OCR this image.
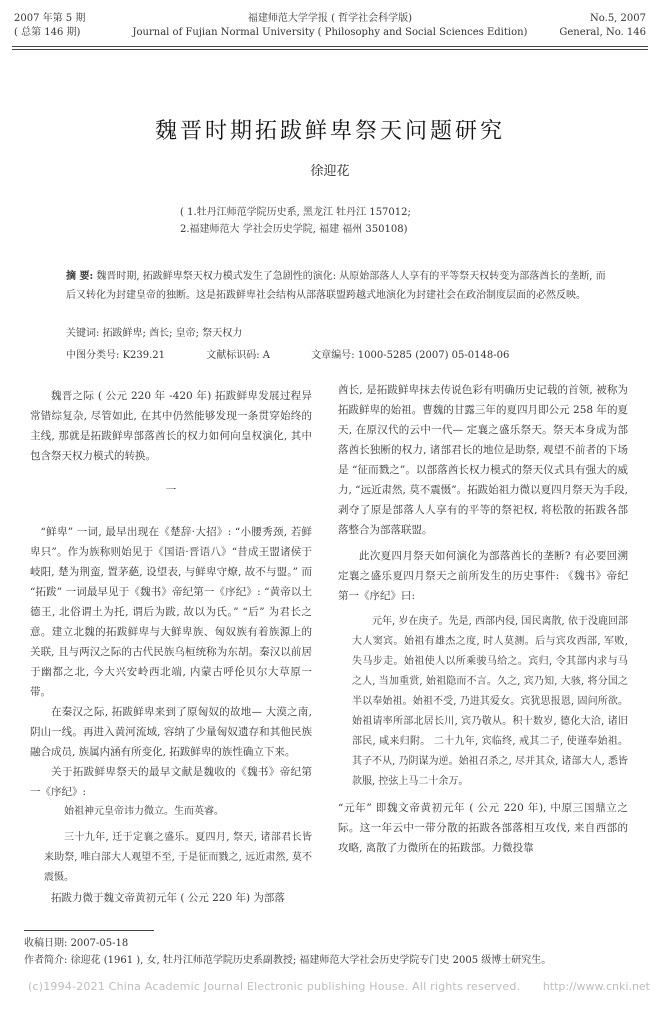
2007 年第 5 期
( 总第 146 期)
福建师范大学学报 ( 哲学社会科学版)
Journal of Fujian Normal University ( Philosophy and Social Sciences Edition)
No.5, 2007
General, No. 146
魏晋时期拓跋鲜卑祭天问题研究
徐迎花
( 1.牡丹江师范学院历史系, 黑龙江 牡丹江 157012;
2.福建师范大 学社会历史学院, 福建 福州 350108)
摘 要: 魏晋时期, 拓跋鲜卑祭天权力模式发生了急剧性的演化: 从原始部落人人享有的平等祭天权转变为部落酋长的垄断, 而后又转化为封建皇帝的独断。这是拓跋鲜卑社会结构从部落联盟跨越式地演化为封建社会在政治制度层面的必然反映。
关键词: 拓跋鲜卑; 酋长; 皇帝; 祭天权力
中图分类号: K239.21	文献标识码: A	文章编号: 1000-5285 (2007) 05-0148-06

魏晋之际 ( 公元 220 年 -420 年) 拓跋鲜卑发展过程异常错综复杂, 尽管如此, 在其中仍然能够发现一条贯穿始终的主线, 那就是拓跋鲜卑部落酋长的权力如何向皇权演化, 其中包含祭天权力模式的转换。

一

“鲜卑” 一词, 最早出现在《楚辞·大招》: “小腰秀颈, 若鲜卑只”。作为族称则始见于《国语·晋语八》“昔成王盟诸侯于岐阳, 楚为荆蛮, 置茅蕝, 设望表, 与鲜卑守燎, 故不与盟。” 而 “拓跋” 一词最早见于《魏书》帝纪第一《序纪》: “黄帝以土德王, 北俗谓土为托, 谓后为跋, 故以为氏。” “后” 为君长之意。建立北魏的拓跋鲜卑与大鲜卑族、匈奴族有着族源上的关联, 且与两汉之际的古代民族乌桓统称为东胡。秦汉以前居于幽都之北, 今大兴安岭西北端, 内蒙古呼伦贝尔大草原一带。

在秦汉之际, 拓跋鲜卑来到了原匈奴的故地— 大漠之南, 阴山一线。再进入黄河流域, 容纳了少量匈奴遗存和其他民族融合成员, 族属内涵有所变化, 拓跋鲜卑的族性确立下来。

关于拓跋鲜卑祭天的最早文献是魏收的《魏书》帝纪第一《序纪》:

始祖神元皇帝讳力微立。生而英睿。

三十九年, 迁于定襄之盛乐。夏四月, 祭天, 诸部君长皆来助祭, 唯白部大人观望不至, 于是征而戮之, 远近肃然, 莫不震慑。

拓跋力微于魏文帝黄初元年 ( 公元 220 年) 为部落

酋长, 是拓跋鲜卑抹去传说色彩有明确历史记载的首领, 被称为拓跋鲜卑的始祖。曹魏的甘露三年的夏四月即公元 258 年的夏天, 在原汉代的云中一代— 定襄之盛乐祭天。祭天本身成为部落酋长独断的权力, 诸部君长的地位是助祭, 观望不前者的下场是 “征而戮之”。以部落酋长权力模式的祭天仪式具有强大的威力, “远近肃然, 莫不震慑”。拓跋始祖力微以夏四月祭天为手段, 剥夺了原是部落人人享有的平等的祭祀权, 将松散的拓跋各部落整合为部落联盟。

此次夏四月祭天如何演化为部落酋长的垄断? 有必要回溯定襄之盛乐夏四月祭天之前所发生的历史事件: 《魏书》帝纪第一《序纪》曰:

元年, 岁在庚子。先是, 西部内侵, 国民离散, 依于没鹿回部大人窦宾。始祖有雄杰之度, 时人莫测。后与宾攻西部, 军败, 失马步走。始祖使人以所乘骏马给之。宾归, 令其部内求与马之人, 当加重赏, 始祖隐而不言。久之, 宾乃知, 大骇, 将分国之半以奉始祖。始祖不受, 乃进其爱女。宾犹思报恩, 固问所欲。始祖请率所部北居长川, 宾乃敬从。积十数岁, 德化大洽, 诸旧部民, 咸来归附。 二十九年, 宾临终, 戒其二子, 使谨奉始祖。其子不从, 乃阴谋为逆。始祖召杀之, 尽并其众, 诸部大人, 悉皆款服, 控弦上马二十余万。

“元年” 即魏文帝黄初元年 ( 公元 220 年), 中原三国鼎立之际。这一年云中一带分散的拓跋各部落相互攻伐, 来自西部的攻略, 离散了力微所在的拓跋部。力微投靠

收稿日期: 2007-05-18
作者简介: 徐迎花 (1961 ), 女, 牡丹江师范学院历史系副教授; 福建师范大学社会历史学院专门史 2005 级博士研究生。
(c)1994-2021 China Academic Journal Electronic publishing House. All rights reserved. http://www.cnki.net
